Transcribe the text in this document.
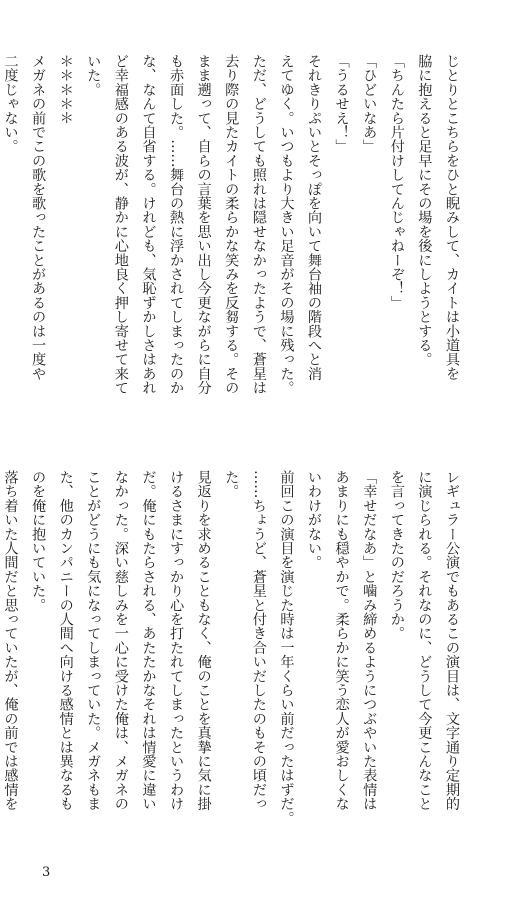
じとりとこちらをひと睨みして、カイトは小道具を
脇に抱えると足早にその場を後にしようとする。
「ちんたら片付けしてんじゃねーぞ！」
「ひどいなあ」
「うるせえ！」
それきりぷいとそっぽを向いて舞台袖の階段へと消
えてゆく。いつもより大きい足音がその場に残った。
ただ、どうしても照れは隠せなかったようで、蒼星は
去り際の見たカイトの柔らかな笑みを反芻する。その
まま遡って、自らの言葉を思い出し今更ながらに自分
も赤面した。……舞台の熱に浮かされてしまったのか
な、なんて自省する。けれども、気恥ずかしさはあれ
ど幸福感のある波が、静かに心地良く押し寄せて来て
いた。
＊＊＊＊＊
メガネの前でこの歌を歌ったことがあるのは一度や
二度じゃない。
レギュラー公演でもあるこの演目は、文字通り定期的
に演じられる。それなのに、どうして今更こんなこと
を言ってきたのだろうか。
「幸せだなあ」と噛み締めるようにつぶやいた表情は
あまりにも穏やかで。柔らかに笑う恋人が愛おしくな
いわけがない。
前回この演目を演じた時は一年くらい前だったはずだ。
……ちょうど、蒼星と付き合いだしたのもその頃だっ
た。
見返りを求めることもなく、俺のことを真摯に気に掛
けるさまにすっかり心を打たれてしまったというわけ
だ。俺にもたらされる、あたたかなそれは情愛に違い
なかった。深い慈しみを一心に受けた俺は、メガネの
ことがどうにも気になってしまっていた。メガネもま
た、他のカンパニーの人間へ向ける感情とは異なるも
のを俺に抱いていた。
落ち着いた人間だと思っていたが、俺の前では感情を
3
